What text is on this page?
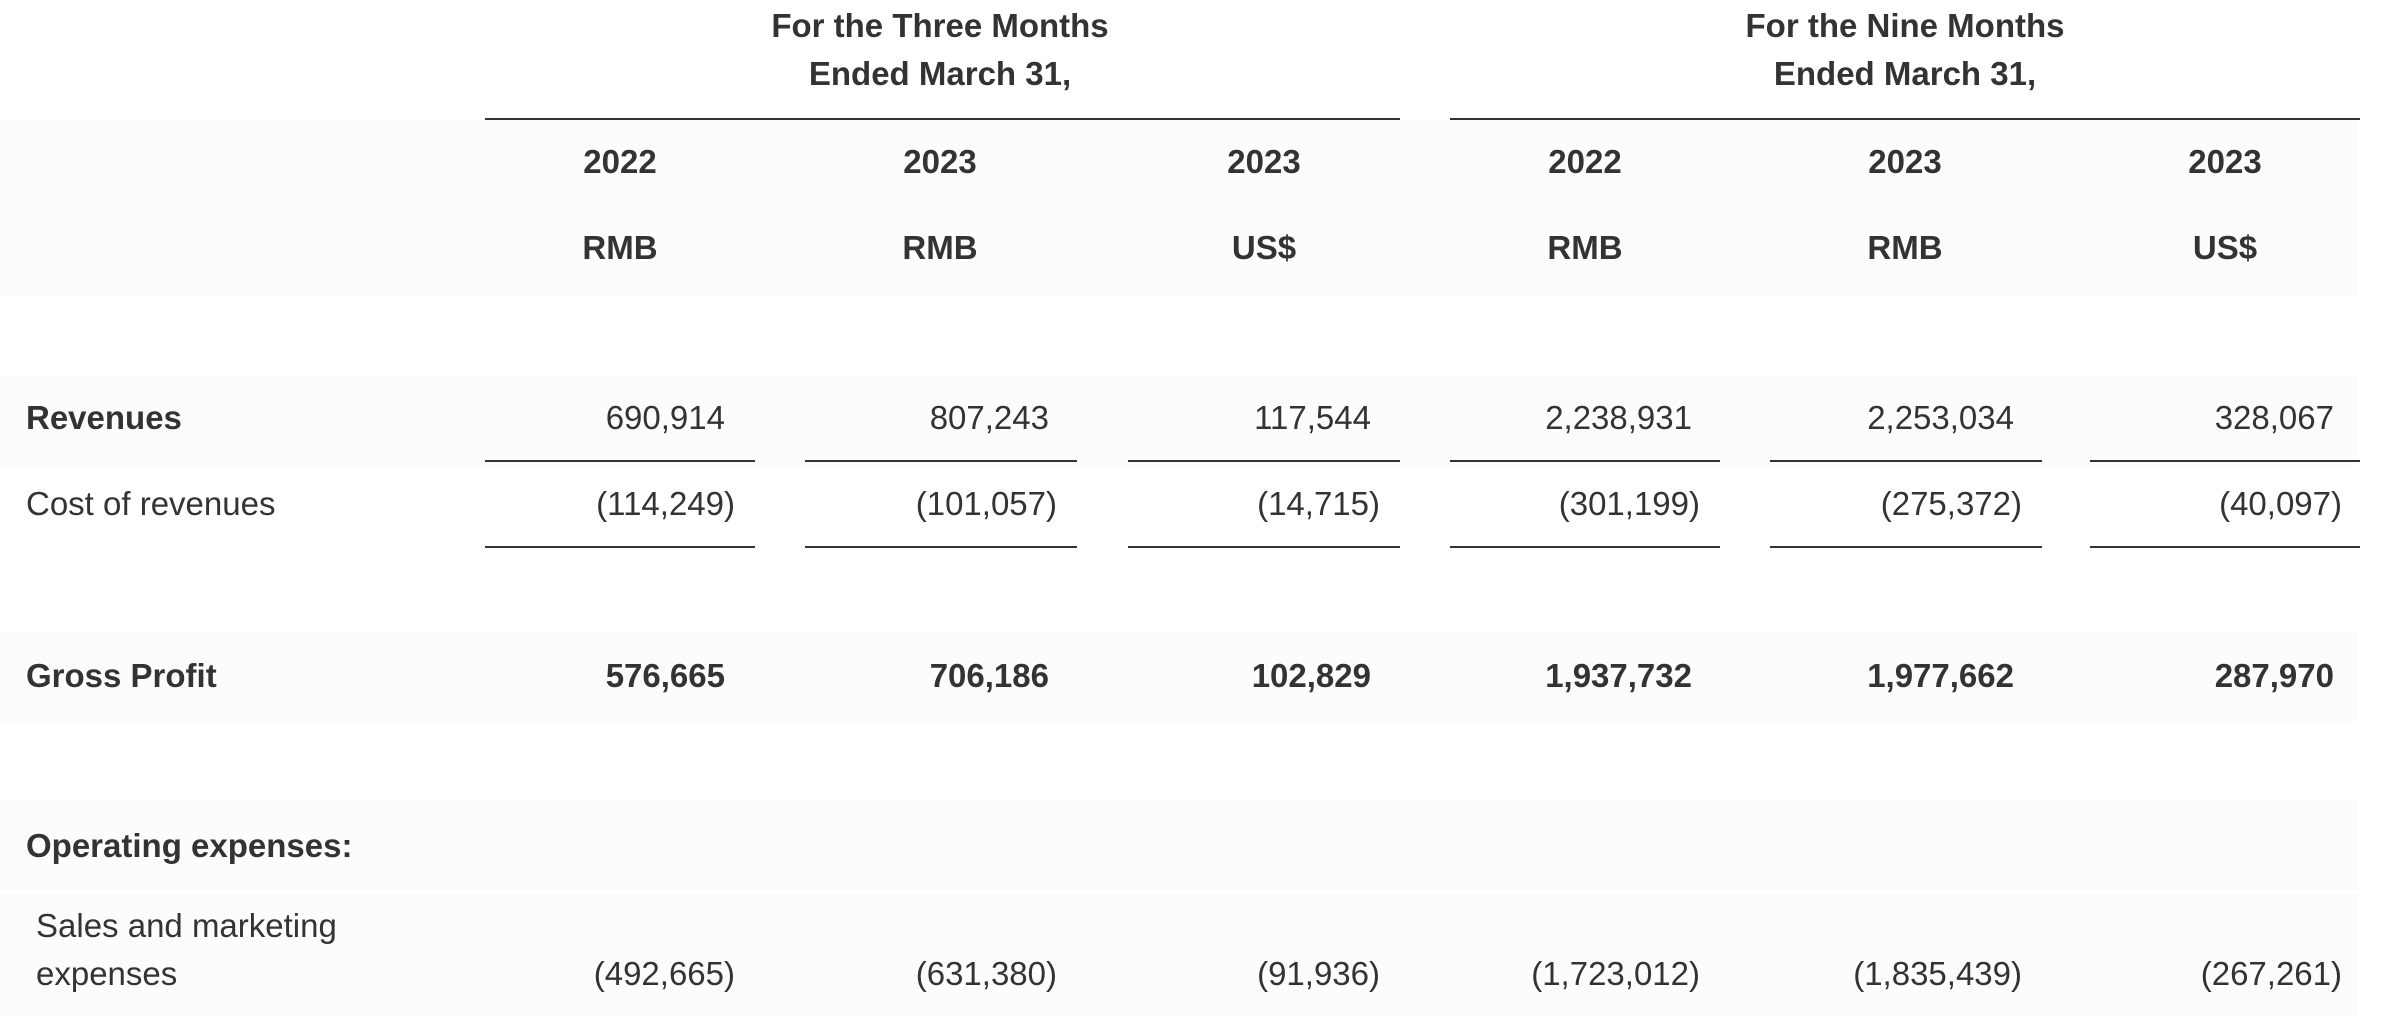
For the Three Months
Ended March 31,
For the Nine Months
Ended March 31,
2022	2023	2023	2022	2023	2023
RMB	RMB	US$	RMB	RMB	US$
Revenues	690,914	807,243	117,544	2,238,931	2,253,034	328,067
Cost of revenues	(114,249)	(101,057)	(14,715)	(301,199)	(275,372)	(40,097)
Gross Profit	576,665	706,186	102,829	1,937,732	1,977,662	287,970
Operating expenses:
Sales and marketing
expenses	(492,665)	(631,380)	(91,936)	(1,723,012)	(1,835,439)	(267,261)
